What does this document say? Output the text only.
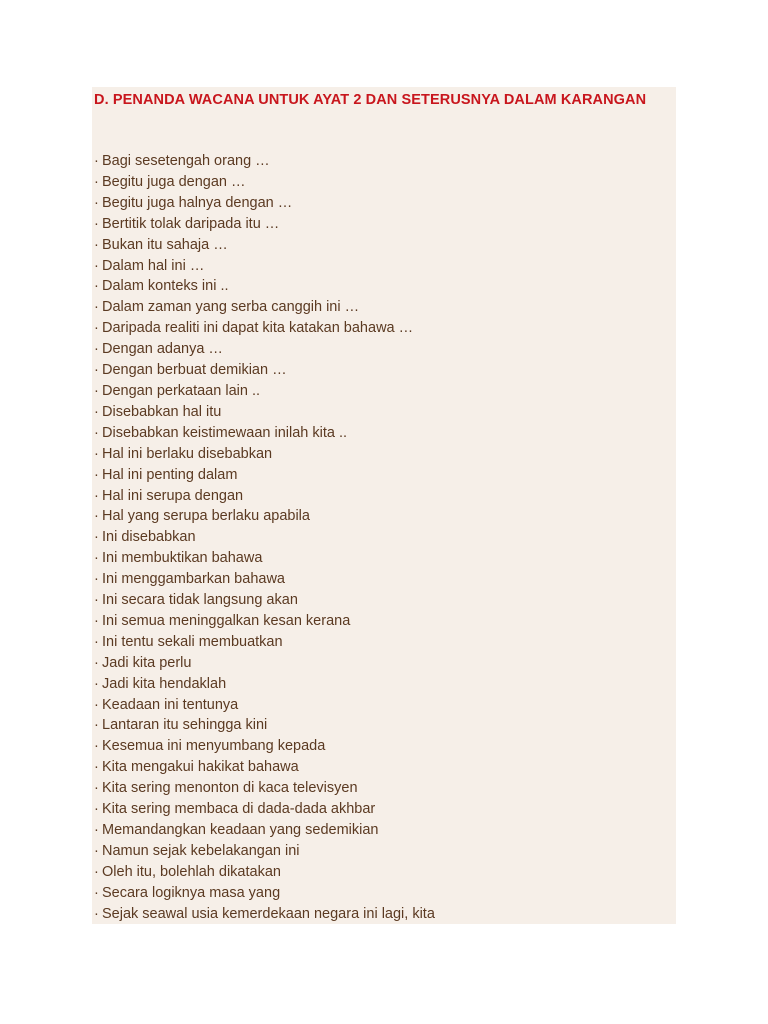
D. PENANDA WACANA UNTUK AYAT 2 DAN SETERUSNYA DALAM KARANGAN
· Bagi sesetengah orang …
· Begitu juga dengan …
· Begitu juga halnya dengan …
· Bertitik tolak daripada itu …
· Bukan itu sahaja …
· Dalam hal ini …
· Dalam konteks ini ..
· Dalam zaman yang serba canggih ini …
· Daripada realiti ini dapat kita katakan bahawa …
· Dengan adanya …
· Dengan berbuat demikian …
· Dengan perkataan lain ..
· Disebabkan hal itu
· Disebabkan keistimewaan inilah kita ..
· Hal ini berlaku disebabkan
· Hal ini penting dalam
· Hal ini serupa dengan
· Hal yang serupa berlaku apabila
· Ini disebabkan
· Ini membuktikan bahawa
· Ini menggambarkan bahawa
· Ini secara tidak langsung akan
· Ini semua meninggalkan kesan kerana
· Ini tentu sekali membuatkan
· Jadi kita perlu
· Jadi kita hendaklah
· Keadaan ini tentunya
· Lantaran itu sehingga kini
· Kesemua ini menyumbang kepada
· Kita mengakui hakikat bahawa
· Kita sering menonton di kaca televisyen
· Kita sering membaca di dada-dada akhbar
· Memandangkan keadaan yang sedemikian
· Namun sejak kebelakangan ini
· Oleh itu, bolehlah dikatakan
· Secara logiknya masa yang
· Sejak seawal usia kemerdekaan negara ini lagi, kita
